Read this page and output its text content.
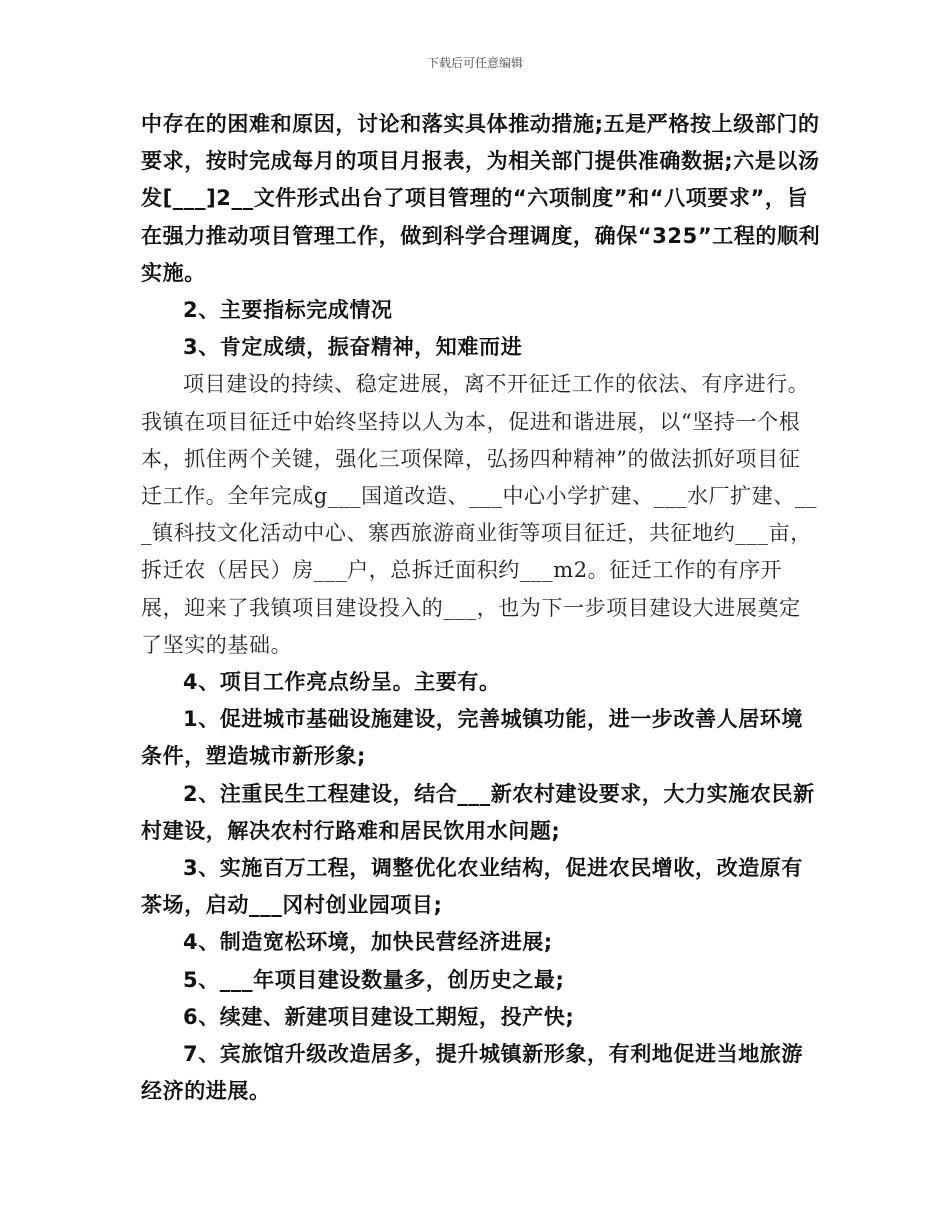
下载后可任意编辑

中存在的困难和原因，讨论和落实具体推动措施;五是严格按上级部门的要求，按时完成每月的项目月报表，为相关部门提供准确数据;六是以汤发[___]2__文件形式出台了项目管理的“六项制度”和“八项要求”，旨在强力推动项目管理工作，做到科学合理调度，确保“325”工程的顺利实施。

2、主要指标完成情况

3、肯定成绩，振奋精神，知难而进

项目建设的持续、稳定进展，离不开征迁工作的依法、有序进行。我镇在项目征迁中始终坚持以人为本，促进和谐进展，以“坚持一个根本，抓住两个关键，强化三项保障，弘扬四种精神”的做法抓好项目征迁工作。全年完成g___国道改造、___中心小学扩建、___水厂扩建、___镇科技文化活动中心、寨西旅游商业街等项目征迁，共征地约___亩，拆迁农（居民）房___户，总拆迁面积约___m2。征迁工作的有序开展，迎来了我镇项目建设投入的___，也为下一步项目建设大进展奠定了坚实的基础。

4、项目工作亮点纷呈。主要有。

1、促进城市基础设施建设，完善城镇功能，进一步改善人居环境条件，塑造城市新形象;

2、注重民生工程建设，结合___新农村建设要求，大力实施农民新村建设，解决农村行路难和居民饮用水问题;

3、实施百万工程，调整优化农业结构，促进农民增收，改造原有茶场，启动___冈村创业园项目;

4、制造宽松环境，加快民营经济进展;

5、___年项目建设数量多，创历史之最;

6、续建、新建项目建设工期短，投产快;

7、宾旅馆升级改造居多，提升城镇新形象，有利地促进当地旅游经济的进展。
